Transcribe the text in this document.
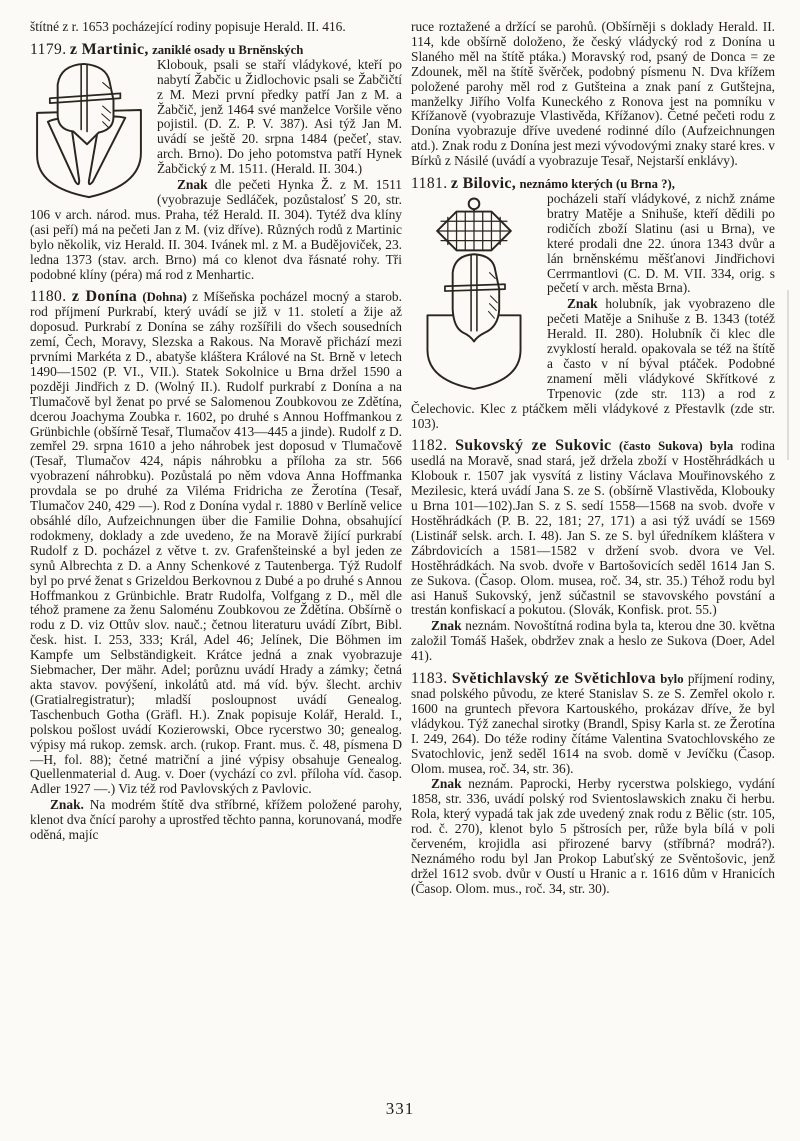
štítné z r. 1653 pocházející rodiny popisuje Herald. II. 416.

1179. z Martinic, zaniklé osady u Brněnských

Klobouk, psali se staří vládykové, kteří po nabytí Žabčic u Židlochovic psali se Žabčičtí z M. Mezi první předky patří Jan z M. a Žabčič, jenž 1464 své manželce Voršile věno pojistil. (D. Z. P. V. 387). Asi týž Jan M. uvádí se ještě 20. srpna 1484 (pečeť, stav. arch. Brno). Do jeho potomstva patří Hynek Žabčický z M. 1511. (Herald. II. 304.)

Znak dle pečeti Hynka Ž. z M. 1511 (vyobrazuje Sedláček, pozůstalosť S 20, str. 106 v arch. národ. mus. Praha, též Herald. II. 304). Tytéž dva klíny (asi peří) má na pečeti Jan z M. (viz dříve). Různých rodů z Martinic bylo několik, viz Herald. II. 304. Ivánek ml. z M. a Budějoviček, 23. ledna 1373 (stav. arch. Brno) má co klenot dva řásnaté rohy. Tři podobné klíny (péra) má rod z Menhartic.

1180. z Donína (Dohna) z Míšeňska pocházel mocný a starob. rod příjmení Purkrabí, který uvádí se již v 11. století a žije až doposud. Purkrabí z Donína se záhy rozšířili do všech sousedních zemí, Čech, Moravy, Slezska a Rakous. Na Moravě přichází mezi prvními Markéta z D., abatyše kláštera Králové na St. Brně v letech 1490—1502 (P. VI., VII.). Statek Sokolnice u Brna držel 1590 a později Jindřich z D. (Wolný II.). Rudolf purkrabí z Donína a na Tlumačově byl ženat po prvé se Salomenou Zoubkovou ze Zdětína, dcerou Joachyma Zoubka r. 1602, po druhé s Annou Hoffmankou z Grünbichle (obšírně Tesař, Tlumačov 413—445 a jinde). Rudolf z D. zemřel 29. srpna 1610 a jeho náhrobek jest doposud v Tlumačově (Tesař, Tlumačov 424, nápis náhrobku a příloha za str. 566 vyobrazení náhrobku). Pozůstalá po něm vdova Anna Hoffmanka provdala se po druhé za Viléma Fridricha ze Žerotína (Tesař, Tlumačov 240, 429 —). Rod z Donína vydal r. 1880 v Berlíně velice obsáhlé dílo, Aufzeichnungen über die Familie Dohna, obsahující rodokmeny, doklady a zde uvedeno, že na Moravě žijící purkrabí Rudolf z D. pocházel z větve t. zv. Grafenšteinské a byl jeden ze synů Albrechta z D. a Anny Schenkové z Tautenberga. Týž Rudolf byl po prvé ženat s Grizeldou Berkovnou z Dubé a po druhé s Annou Hoffmankou z Grünbichle. Bratr Rudolfa, Volfgang z D., měl dle téhož pramene za ženu Saloménu Zoubkovou ze Ždětína. Obšírně o rodu z D. viz Ottův slov. nauč.; četnou literaturu uvádí Zíbrt, Bibl. česk. hist. I. 253, 333; Král, Adel 46; Jelínek, Die Böhmen im Kampfe um Selbständigkeit. Krátce jedná a znak vyobrazuje Siebmacher, Der mähr. Adel; porůznu uvádí Hrady a zámky; četná akta stavov. povýšení, inkolátů atd. má víd. býv. šlecht. archiv (Gratialregistratur); mladší posloupnost uvádí Genealog. Taschenbuch Gotha (Gräfl. H.). Znak popisuje Kolář, Herald. I., polskou pošlost uvádí Kozierowski, Obce rycerstwo 30; genealog. výpisy má rukop. zemsk. arch. (rukop. Frant. mus. č. 48, písmena D—H, fol. 88); četné matriční a jiné výpisy obsahuje Genealog. Quellenmaterial d. Aug. v. Doer (vychází co zvl. příloha víd. časop. Adler 1927 —.) Viz též rod Pavlovských z Pavlovic.

Znak. Na modrém štítě dva stříbrné, křížem položené parohy, klenot dva čnící parohy a uprostřed těchto panna, korunovaná, modře oděná, majíc

ruce roztažené a držící se parohů. (Obšírněji s doklady Herald. II. 114, kde obšírně doloženo, že český vládycký rod z Donína u Slaného měl na štítě ptáka.) Moravský rod, psaný de Donca = ze Zdounek, měl na štítě švěrček, podobný písmenu N. Dva křížem položené parohy měl rod z Gutšteina a znak paní z Gutštejna, manželky Jiřího Volfa Kuneckého z Ronova jest na pomníku v Křížanově (vyobrazuje Vlastivěda, Křížanov). Četné pečeti rodu z Donína vyobrazuje dříve uvedené rodinné dílo (Aufzeichnungen atd.). Znak rodu z Donína jest mezi vývodovými znaky staré kres. v Bírků z Násilé (uvádí a vyobrazuje Tesař, Nejstarší enklávy).

1181. z Bilovic, neznámo kterých (u Brna ?),

pocházeli staří vládykové, z nichž známe bratry Matěje a Snihuše, kteří dědili po rodičích zboží Slatinu (asi u Brna), ve které prodali dne 22. února 1343 dvůr a lán brněnskému měšťanovi Jindřichovi Cerrmantlovi (C. D. M. VII. 334, orig. s pečetí v arch. města Brna).

Znak holubník, jak vyobrazeno dle pečeti Matěje a Snihuše z B. 1343 (totéž Herald. II. 280). Holubník či klec dle zvyklostí herald. opakovala se též na štítě a často v ní býval ptáček. Podobné znamení měli vládykové Skřítkové z Trpenovic (zde str. 113) a rod z Čelechovic. Klec z ptáčkem měli vládykové z Přestavlk (zde str. 103).

1182. Sukovský ze Sukovic (často Sukova) byla rodina usedlá na Moravě, snad stará, jež držela zboží v Hostěhrádkách u Klobouk r. 1507 jak vysvítá z listiny Václava Mouřinovského z Mezilesic, která uvádí Jana S. ze S. (obšírně Vlastivěda, Klobouky u Brna 101—102).Jan S. z S. sedí 1558—1568 na svob. dvoře v Hostěhrádkách (P. B. 22, 181; 27, 171) a asi týž uvádí se 1569 (Listinář selsk. arch. I. 48). Jan S. ze S. byl úředníkem kláštera v Zábrdovicích a 1581—1582 v držení svob. dvora ve Vel. Hostěhrádkách. Na svob. dvoře v Bartošovicích seděl 1614 Jan S. ze Sukova. (Časop. Olom. musea, roč. 34, str. 35.) Téhož rodu byl asi Hanuš Sukovský, jenž súčastnil se stavovského povstání a trestán konfiskací a pokutou. (Slovák, Konfisk. prot. 55.)

Znak neznám. Novoštítná rodina byla ta, kterou dne 30. května založil Tomáš Hašek, obdržev znak a heslo ze Sukova (Doer, Adel 41).

1183. Světichlavský ze Světichlova bylo příjmení rodiny, snad polského původu, ze které Stanislav S. ze S. Zemřel okolo r. 1600 na gruntech převora Kartouského, prokázav dříve, že byl vládykou. Týž zanechal sirotky (Brandl, Spisy Karla st. ze Žerotína I. 249, 264). Do téže rodiny čítáme Valentina Svatochlovského ze Svatochlovic, jenž seděl 1614 na svob. domě v Jevíčku (Časop. Olom. musea, roč. 34, str. 36).

Znak neznám. Paprocki, Herby rycerstwa polskiego, vydání 1858, str. 336, uvádí polský rod Svientoslawskich znaku či herbu. Rola, který vypadá tak jak zde uvedený znak rodu z Bělic (str. 105, rod. č. 270), klenot bylo 5 pštrosích per, růže byla bílá v poli červeném, krojidla asi přirozené barvy (stříbrná? modrá?). Neznámého rodu byl Jan Prokop Labuťský ze Svěntošovic, jenž držel 1612 svob. dvůr v Oustí u Hranic a r. 1616 dům v Hranicích (Časop. Olom. mus., roč. 34, str. 30).

331
